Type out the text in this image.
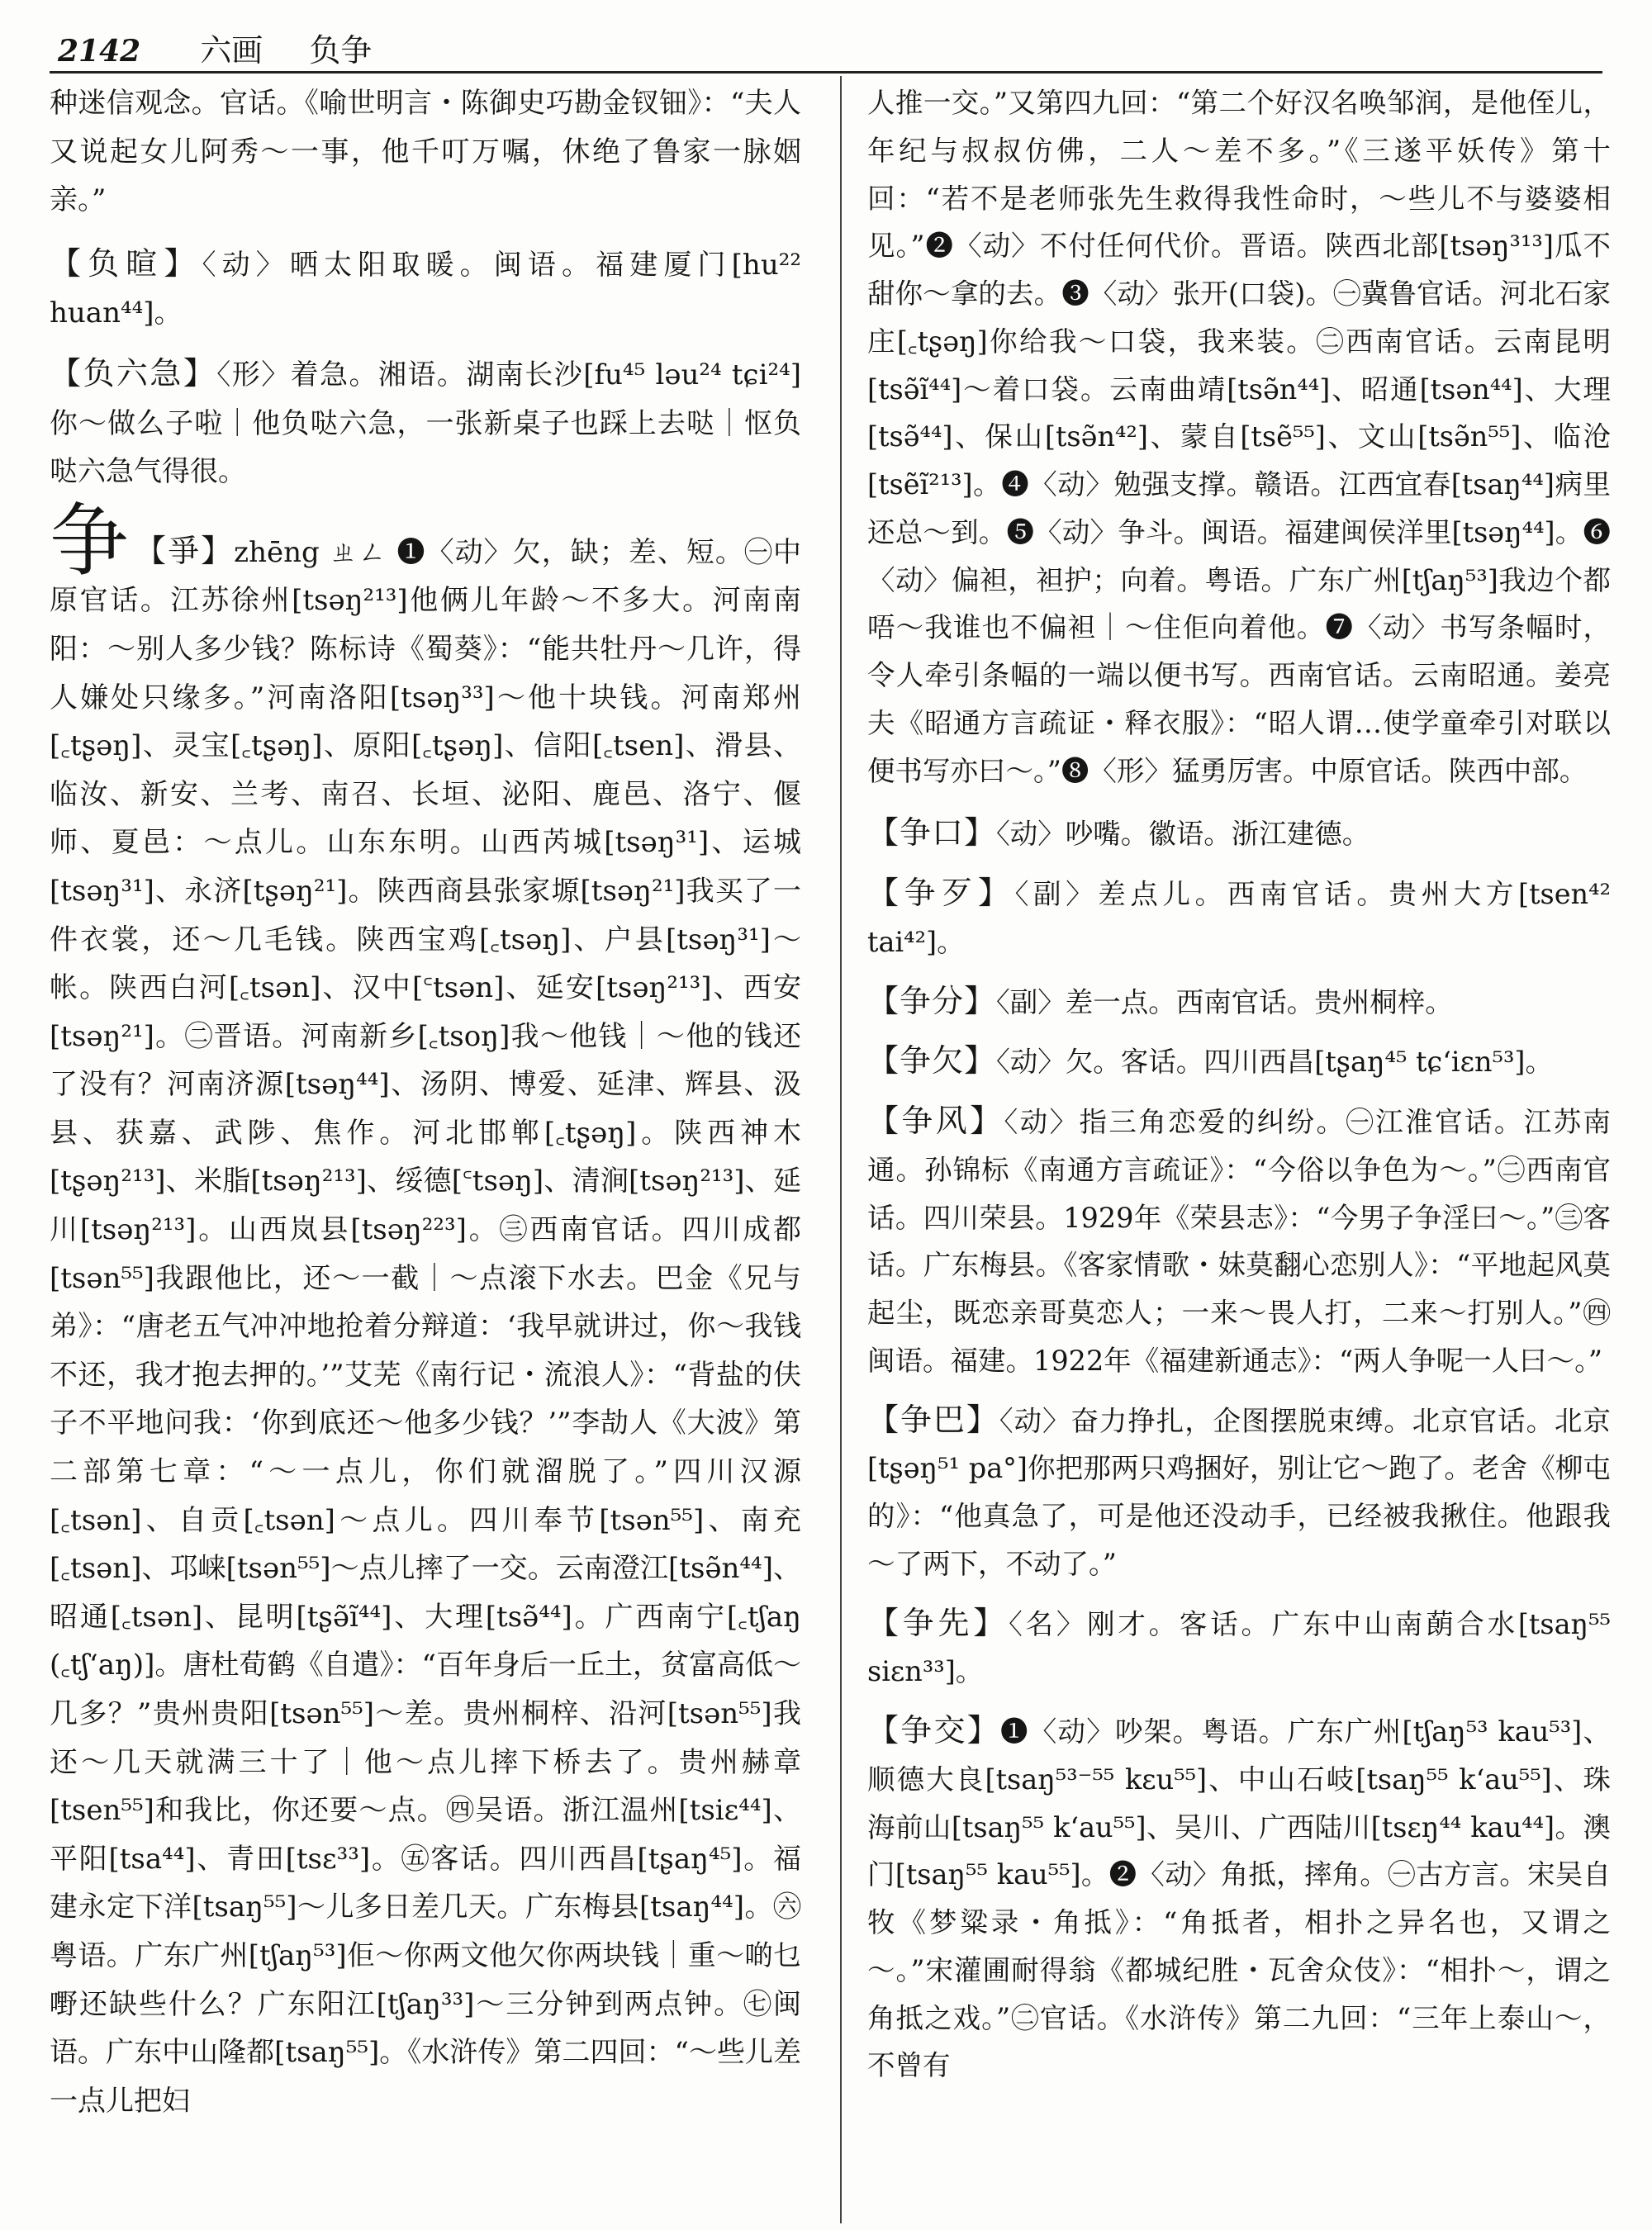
2142 六画 负争

种迷信观念。官话。《喻世明言・陈御史巧勘金钗钿》：“夫人又说起女儿阿秀～一事，他千叮万嘱，休绝了鲁家一脉姻亲。”

【负暄】〈动〉晒太阳取暖。闽语。福建厦门[hu²² huan⁴⁴]。

【负六急】〈形〉着急。湘语。湖南长沙[fu⁴⁵ ləu²⁴ tɕi²⁴] 你～做么子啦｜他负哒六急，一张新桌子也踩上去哒｜怄负哒六急气得很。

争 【爭】zhēng ㄓㄥ ❶〈动〉欠，缺；差、短。㊀中原官话。江苏徐州[tsəŋ²¹³]他俩儿年龄～不多大。河南南阳：～别人多少钱？陈标诗《蜀葵》：“能共牡丹～几许，得人嫌处只缘多。”河南洛阳[tsəŋ³³]～他十块钱。河南郑州[꜀tʂəŋ]、灵宝[꜀tʂəŋ]、原阳[꜀tʂəŋ]、信阳[꜀tsen]、滑县、临汝、新安、兰考、南召、长垣、泌阳、鹿邑、洛宁、偃师、夏邑：～点儿。山东东明。山西芮城[tsəŋ³¹]、运城[tsəŋ³¹]、永济[tʂəŋ²¹]。陕西商县张家塬[tsəŋ²¹]我买了一件衣裳，还～几毛钱。陕西宝鸡[꜀tsəŋ]、户县[tsəŋ³¹]～帐。陕西白河[꜀tsən]、汉中[꜂tsən]、延安[tsəŋ²¹³]、西安[tsəŋ²¹]。㊁晋语。河南新乡[꜀tsoŋ]我～他钱｜～他的钱还了没有？河南济源[tsəŋ⁴⁴]、汤阴、博爱、延津、辉县、汲县、获嘉、武陟、焦作。河北邯郸[꜀tʂəŋ]。陕西神木[tʂəŋ²¹³]、米脂[tsəŋ²¹³]、绥德[꜂tsəŋ]、清涧[tsəŋ²¹³]、延川[tsəŋ²¹³]。山西岚县[tsəŋ²²³]。㊂西南官话。四川成都[tsən⁵⁵]我跟他比，还～一截｜～点滚下水去。巴金《兄与弟》：“唐老五气冲冲地抢着分辩道：‘我早就讲过，你～我钱不还，我才抱去押的。’”艾芜《南行记・流浪人》：“背盐的伕子不平地问我：‘你到底还～他多少钱？’”李劼人《大波》第二部第七章：“～一点儿，你们就溜脱了。”四川汉源[꜀tsən]、自贡[꜀tsən]～点儿。四川奉节[tsən⁵⁵]、南充[꜀tsən]、邛崃[tsən⁵⁵]～点儿摔了一交。云南澄江[tsə̃n⁴⁴]、昭通[꜀tsən]、昆明[tʂə̃ĩ⁴⁴]、大理[tsə̃⁴⁴]。广西南宁[꜀tʃaŋ (꜀tʃʻaŋ)]。唐杜荀鹤《自遣》：“百年身后一丘土，贫富高低～几多？”贵州贵阳[tsən⁵⁵]～差。贵州桐梓、沿河[tsən⁵⁵]我还～几天就满三十了｜他～点儿摔下桥去了。贵州赫章[tsen⁵⁵]和我比，你还要～点。㊃吴语。浙江温州[tsiɛ⁴⁴]、平阳[tsa⁴⁴]、青田[tsɛ³³]。㊄客话。四川西昌[tʂaŋ⁴⁵]。福建永定下洋[tsaŋ⁵⁵]～儿多日差几天。广东梅县[tsaŋ⁴⁴]。㊅粤语。广东广州[tʃaŋ⁵³]佢～你两文他欠你两块钱｜重～啲乜嘢还缺些什么？广东阳江[tʃaŋ³³]～三分钟到两点钟。㊆闽语。广东中山隆都[tsaŋ⁵⁵]。《水浒传》第二四回：“～些儿差一点儿把妇

人推一交。”又第四九回：“第二个好汉名唤邹润，是他侄儿，年纪与叔叔仿佛，二人～差不多。”《三遂平妖传》第十回：“若不是老师张先生救得我性命时，～些儿不与婆婆相见。”❷〈动〉不付任何代价。晋语。陕西北部[tsəŋ³¹³]瓜不甜你～拿的去。❸〈动〉张开(口袋)。㊀冀鲁官话。河北石家庄[꜀tʂəŋ]你给我～口袋，我来装。㊁西南官话。云南昆明[tsə̃ĩ⁴⁴]～着口袋。云南曲靖[tsə̃n⁴⁴]、昭通[tsən⁴⁴]、大理[tsə̃⁴⁴]、保山[tsə̃n⁴²]、蒙自[tsẽ⁵⁵]、文山[tsə̃n⁵⁵]、临沧[tsẽĩ²¹³]。❹〈动〉勉强支撑。赣语。江西宜春[tsaŋ⁴⁴]病里还总～到。❺〈动〉争斗。闽语。福建闽侯洋里[tsəŋ⁴⁴]。❻〈动〉偏袒，袒护；向着。粤语。广东广州[tʃaŋ⁵³]我边个都唔～我谁也不偏袒｜～住佢向着他。❼〈动〉书写条幅时，令人牵引条幅的一端以便书写。西南官话。云南昭通。姜亮夫《昭通方言疏证・释衣服》：“昭人谓…使学童牵引对联以便书写亦曰～。”❽〈形〉猛勇厉害。中原官话。陕西中部。

【争口】〈动〉吵嘴。徽语。浙江建德。

【争歹】〈副〉差点儿。西南官话。贵州大方[tsen⁴² tai⁴²]。

【争分】〈副〉差一点。西南官话。贵州桐梓。

【争欠】〈动〉欠。客话。四川西昌[tʂaŋ⁴⁵ tɕʻiɛn⁵³]。

【争风】〈动〉指三角恋爱的纠纷。㊀江淮官话。江苏南通。孙锦标《南通方言疏证》：“今俗以争色为～。”㊁西南官话。四川荣县。1929年《荣县志》：“今男子争淫曰～。”㊂客话。广东梅县。《客家情歌・妹莫翻心恋别人》：“平地起风莫起尘，既恋亲哥莫恋人；一来～畏人打，二来～打别人。”㊃闽语。福建。1922年《福建新通志》：“两人争呢一人曰～。”

【争巴】〈动〉奋力挣扎，企图摆脱束缚。北京官话。北京[tʂəŋ⁵¹ pa°]你把那两只鸡捆好，别让它～跑了。老舍《柳屯的》：“他真急了，可是他还没动手，已经被我揪住。他跟我～了两下，不动了。”

【争先】〈名〉刚才。客话。广东中山南蓢合水[tsaŋ⁵⁵ siɛn³³]。

【争交】❶〈动〉吵架。粤语。广东广州[tʃaŋ⁵³ kau⁵³]、顺德大良[tsaŋ⁵³⁻⁵⁵ kɛu⁵⁵]、中山石岐[tsaŋ⁵⁵ kʻau⁵⁵]、珠海前山[tsaŋ⁵⁵ kʻau⁵⁵]、吴川、广西陆川[tsɛŋ⁴⁴ kau⁴⁴]。澳门[tsaŋ⁵⁵ kau⁵⁵]。❷〈动〉角抵，摔角。㊀古方言。宋吴自牧《梦粱录・角抵》：“角抵者，相扑之异名也，又谓之～。”宋灌圃耐得翁《都城纪胜・瓦舍众伎》：“相扑～，谓之角抵之戏。”㊁官话。《水浒传》第二九回：“三年上泰山～，不曾有
